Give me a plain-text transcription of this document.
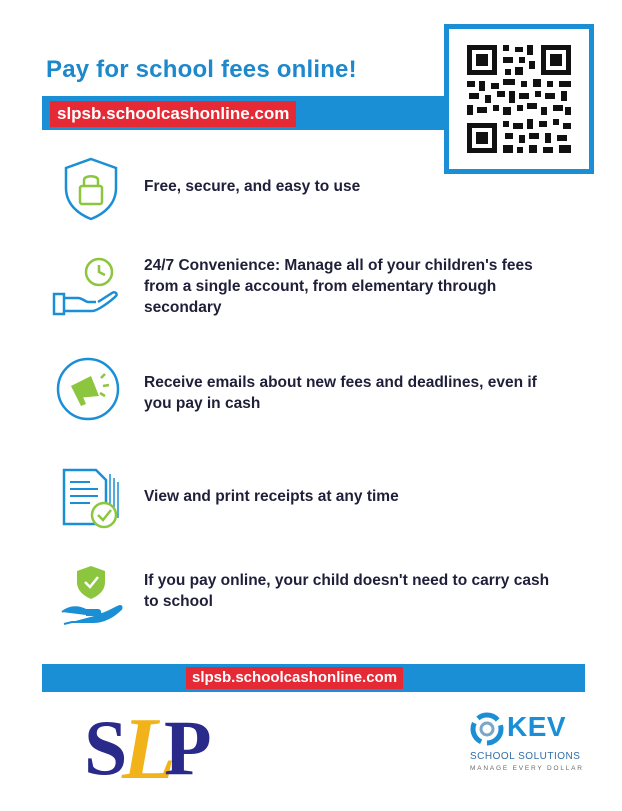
Pay for school fees online!
slpsb.schoolcashonline.com
Free, secure, and easy to use
24/7 Convenience: Manage all of your children's fees from a single account, from elementary through secondary
Receive emails about new fees and deadlines, even if you pay in cash
View and print receipts at any time
If you pay online, your child doesn't need to carry cash to school
slpsb.schoolcashonline.com
S
L
P	KEV
SCHOOL SOLUTIONS
MANAGE EVERY DOLLAR
